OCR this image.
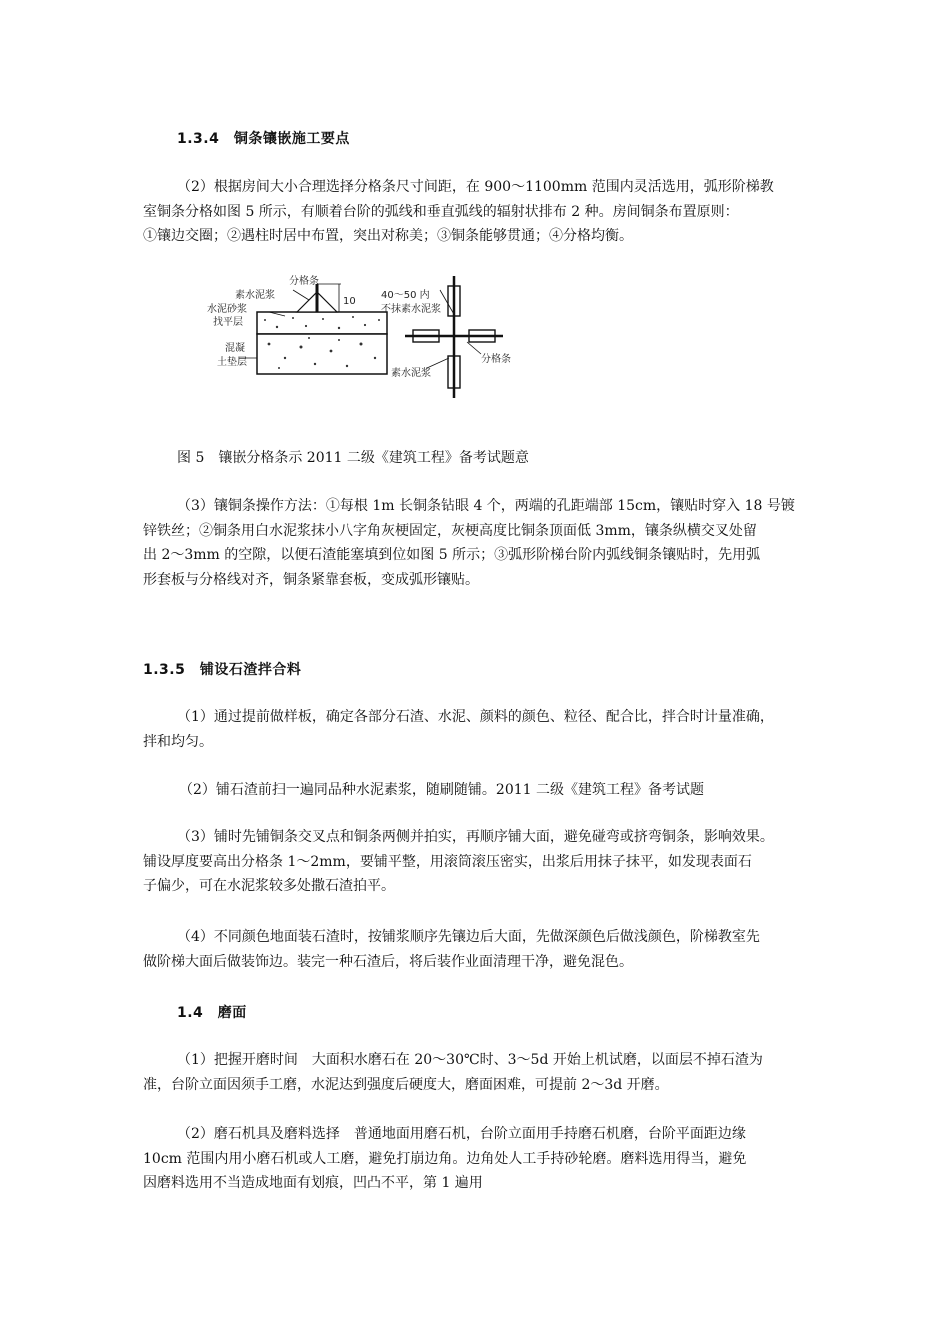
1.3.4　铜条镶嵌施工要点
（2）根据房间大小合理选择分格条尺寸间距，在 900～1100mm 范围内灵活选用，弧形阶梯教
室铜条分格如图 5 所示，有顺着台阶的弧线和垂直弧线的辐射状排布 2 种。房间铜条布置原则：
①镶边交圈；②遇柱时居中布置，突出对称美；③铜条能够贯通；④分格均衡。
分格条
素水泥浆
水泥砂浆
找平层
混凝
土垫层
10
40～50 内
不抹素水泥浆
分格条
素水泥浆
图 5　镶嵌分格条示 2011 二级《建筑工程》备考试题意
（3）镶铜条操作方法：①每根 1m 长铜条钻眼 4 个，两端的孔距端部 15cm，镶贴时穿入 18 号镀
锌铁丝；②铜条用白水泥浆抹小八字角灰梗固定，灰梗高度比铜条顶面低 3mm，镶条纵横交叉处留
出 2～3mm 的空隙，以便石渣能塞填到位如图 5 所示；③弧形阶梯台阶内弧线铜条镶贴时，先用弧
形套板与分格线对齐，铜条紧靠套板，变成弧形镶贴。
1.3.5　铺设石渣拌合料
（1）通过提前做样板，确定各部分石渣、水泥、颜料的颜色、粒径、配合比，拌合时计量准确，
拌和均匀。
（2）铺石渣前扫一遍同品种水泥素浆，随刷随铺。2011 二级《建筑工程》备考试题
（3）铺时先铺铜条交叉点和铜条两侧并拍实，再顺序铺大面，避免碰弯或挤弯铜条，影响效果。
铺设厚度要高出分格条 1～2mm，要铺平整，用滚筒滚压密实，出浆后用抹子抹平，如发现表面石
子偏少，可在水泥浆较多处撒石渣拍平。
（4）不同颜色地面装石渣时，按铺浆顺序先镶边后大面，先做深颜色后做浅颜色，阶梯教室先
做阶梯大面后做装饰边。装完一种石渣后，将后装作业面清理干净，避免混色。
1.4　磨面
（1）把握开磨时间　大面积水磨石在 20～30℃时、3～5d 开始上机试磨，以面层不掉石渣为
准，台阶立面因须手工磨，水泥达到强度后硬度大，磨面困难，可提前 2～3d 开磨。
（2）磨石机具及磨料选择　普通地面用磨石机，台阶立面用手持磨石机磨，台阶平面距边缘
10cm 范围内用小磨石机或人工磨，避免打崩边角。边角处人工手持砂轮磨。磨料选用得当，避免
因磨料选用不当造成地面有划痕，凹凸不平，第 1 遍用
